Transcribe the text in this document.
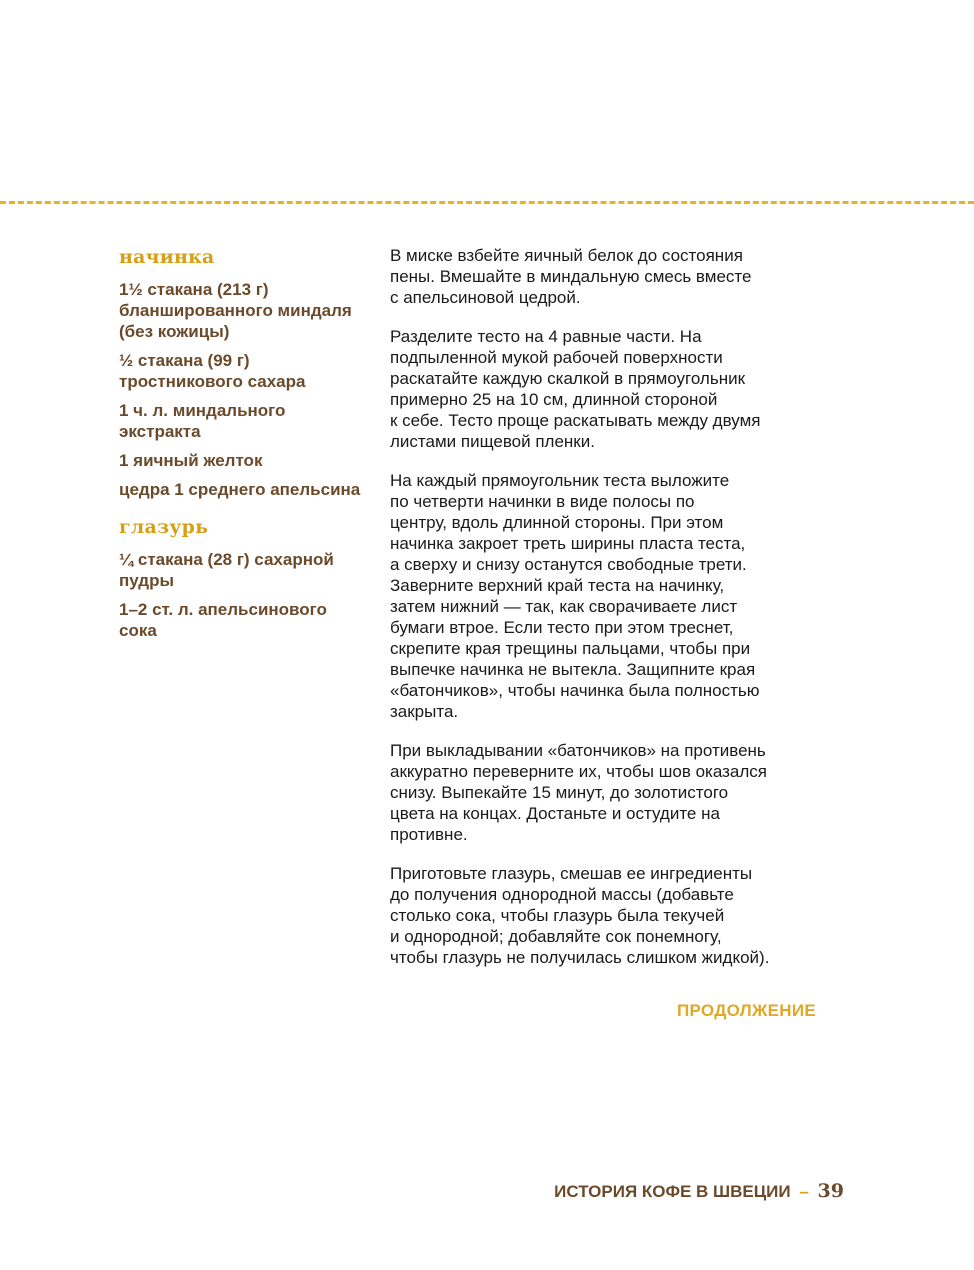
начинка
1½ стакана (213 г) бланшированного миндаля (без кожицы)
½ стакана (99 г) тростникового сахара
1 ч. л. миндального экстракта
1 яичный желток
цедра 1 среднего апельсина
глазурь
¼ стакана (28 г) сахарной пудры
1–2 ст. л. апельсинового сока

В миске взбейте яичный белок до состояния
пены. Вмешайте в миндальную смесь вместе
с апельсиновой цедрой.

Разделите тесто на 4 равные части. На
подпыленной мукой рабочей поверхности
раскатайте каждую скалкой в прямоугольник
примерно 25 на 10 см, длинной стороной
к себе. Тесто проще раскатывать между двумя
листами пищевой пленки.

На каждый прямоугольник теста выложите
по четверти начинки в виде полосы по
центру, вдоль длинной стороны. При этом
начинка закроет треть ширины пласта теста,
а сверху и снизу останутся свободные трети.
Заверните верхний край теста на начинку,
затем нижний — так, как сворачиваете лист
бумаги втрое. Если тесто при этом треснет,
скрепите края трещины пальцами, чтобы при
выпечке начинка не вытекла. Защипните края
«батончиков», чтобы начинка была полностью
закрыта.

При выкладывании «батончиков» на противень
аккуратно переверните их, чтобы шов оказался
снизу. Выпекайте 15 минут, до золотистого
цвета на концах. Достаньте и остудите на
противне.

Приготовьте глазурь, смешав ее ингредиенты
до получения однородной массы (добавьте
столько сока, чтобы глазурь была текучей
и однородной; добавляйте сок понемногу,
чтобы глазурь не получилась слишком жидкой).

ПРОДОЛЖЕНИЕ
ИСТОРИЯ КОФЕ В ШВЕЦИИ – 39
